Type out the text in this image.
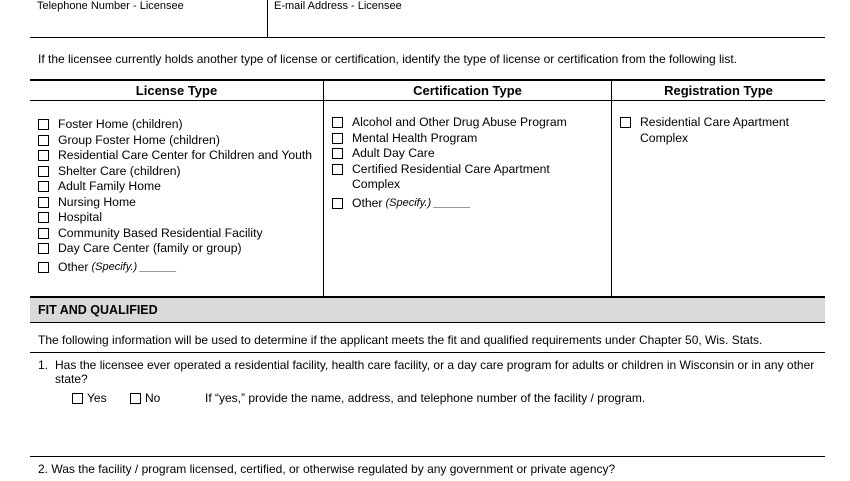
Telephone Number - Licensee	E-mail Address - Licensee
If the licensee currently holds another type of license or certification, identify the type of license or certification from the following list.
License Type
Foster Home (children)
Group Foster Home (children)
Residential Care Center for Children and Youth
Shelter Care (children)
Adult Family Home
Nursing Home
Hospital
Community Based Residential Facility
Day Care Center (family or group)
Other (Specify.) ______
Certification Type
Alcohol and Other Drug Abuse Program
Mental Health Program
Adult Day Care
Certified Residential Care Apartment Complex
Other (Specify.) ______
Registration Type
Residential Care Apartment Complex
FIT AND QUALIFIED
The following information will be used to determine if the applicant meets the fit and qualified requirements under Chapter 50, Wis. Stats.
1. Has the licensee ever operated a residential facility, health care facility, or a day care program for adults or children in Wisconsin or in any other state?
Yes	No	If “yes,” provide the name, address, and telephone number of the facility / program.
2. Was the facility / program licensed, certified, or otherwise regulated by any government or private agency?
